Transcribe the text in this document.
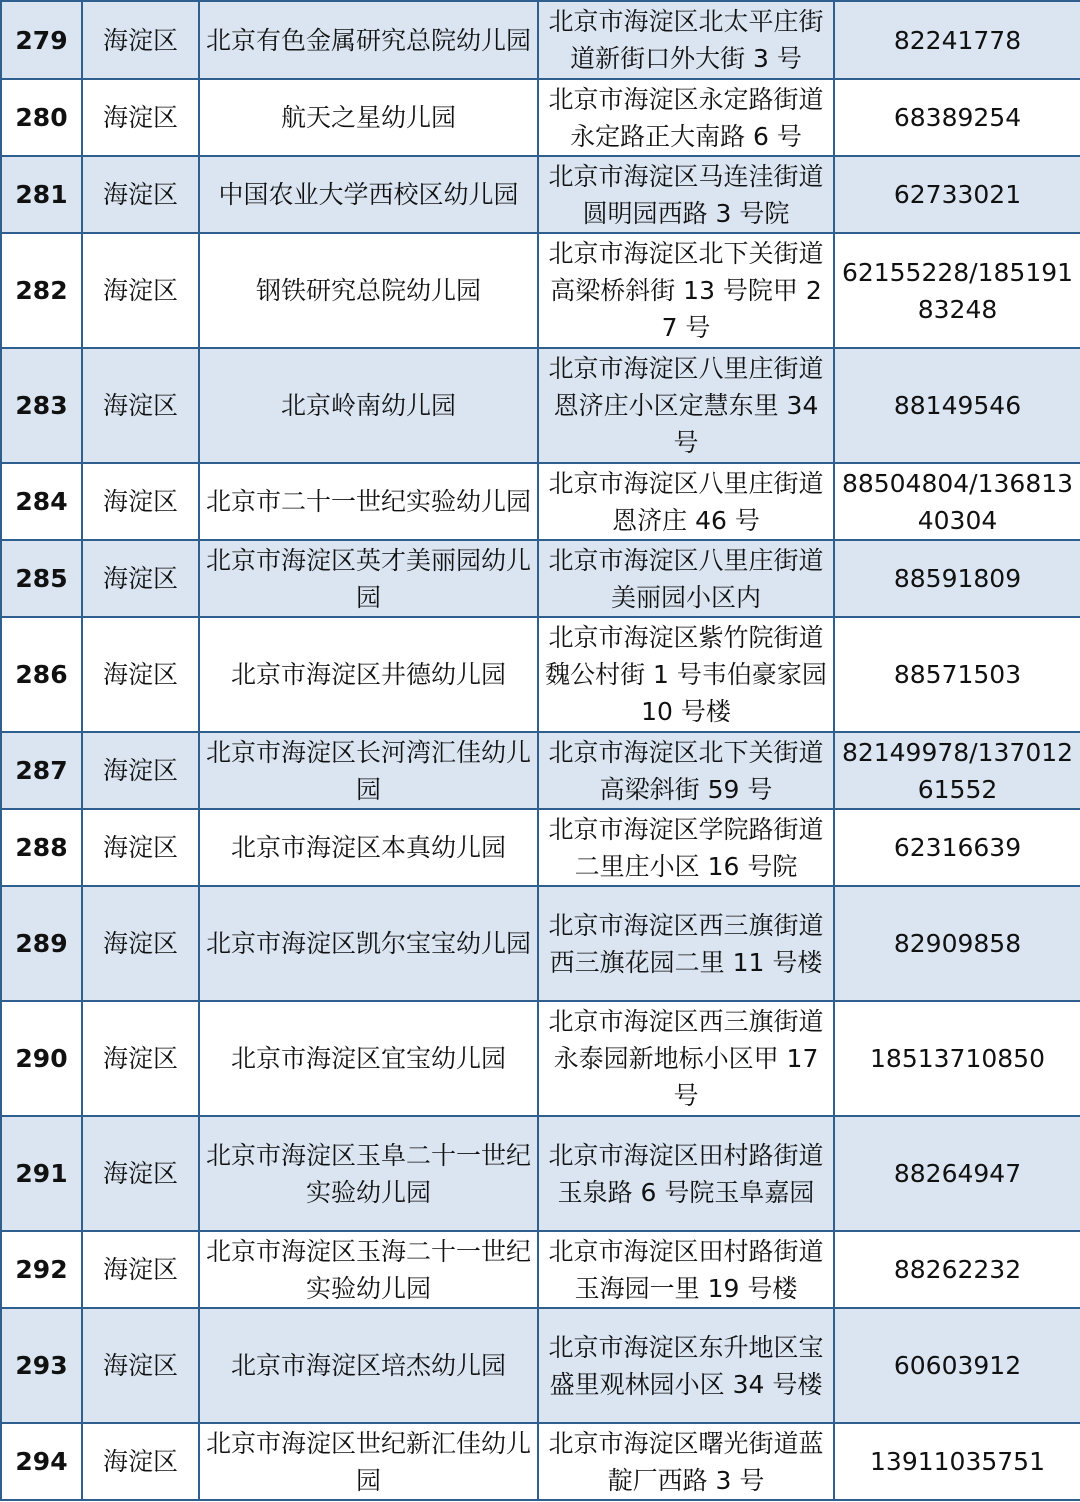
279	海淀区	北京有色金属研究总院幼儿园	北京市海淀区北太平庄街道新街口外大街 3 号	82241778
280	海淀区	航天之星幼儿园	北京市海淀区永定路街道永定路正大南路 6 号	68389254
281	海淀区	中国农业大学西校区幼儿园	北京市海淀区马连洼街道圆明园西路 3 号院	62733021
282	海淀区	钢铁研究总院幼儿园	北京市海淀区北下关街道高梁桥斜街 13 号院甲 27 号	62155228/18519183248
283	海淀区	北京岭南幼儿园	北京市海淀区八里庄街道恩济庄小区定慧东里 34 号	88149546
284	海淀区	北京市二十一世纪实验幼儿园	北京市海淀区八里庄街道恩济庄 46 号	88504804/13681340304
285	海淀区	北京市海淀区英才美丽园幼儿 园	北京市海淀区八里庄街道美丽园小区内	88591809
286	海淀区	北京市海淀区井德幼儿园	北京市海淀区紫竹院街道魏公村街 1 号韦伯豪家园 10 号楼	88571503
287	海淀区	北京市海淀区长河湾汇佳幼儿 园	北京市海淀区北下关街道高梁斜街 59 号	82149978/13701261552
288	海淀区	北京市海淀区本真幼儿园	北京市海淀区学院路街道二里庄小区 16 号院	62316639
289	海淀区	北京市海淀区凯尔宝宝幼儿园	北京市海淀区西三旗街道西三旗花园二里 11 号楼	82909858
290	海淀区	北京市海淀区宜宝幼儿园	北京市海淀区西三旗街道永泰园新地标小区甲 17 号	18513710850
291	海淀区	北京市海淀区玉阜二十一世纪 实验幼儿园	北京市海淀区田村路街道玉泉路 6 号院玉阜嘉园	88264947
292	海淀区	北京市海淀区玉海二十一世纪 实验幼儿园	北京市海淀区田村路街道玉海园一里 19 号楼	88262232
293	海淀区	北京市海淀区培杰幼儿园	北京市海淀区东升地区宝盛里观林园小区 34 号楼	60603912
294	海淀区	北京市海淀区世纪新汇佳幼儿 园	北京市海淀区曙光街道蓝靛厂西路 3 号	13911035751
